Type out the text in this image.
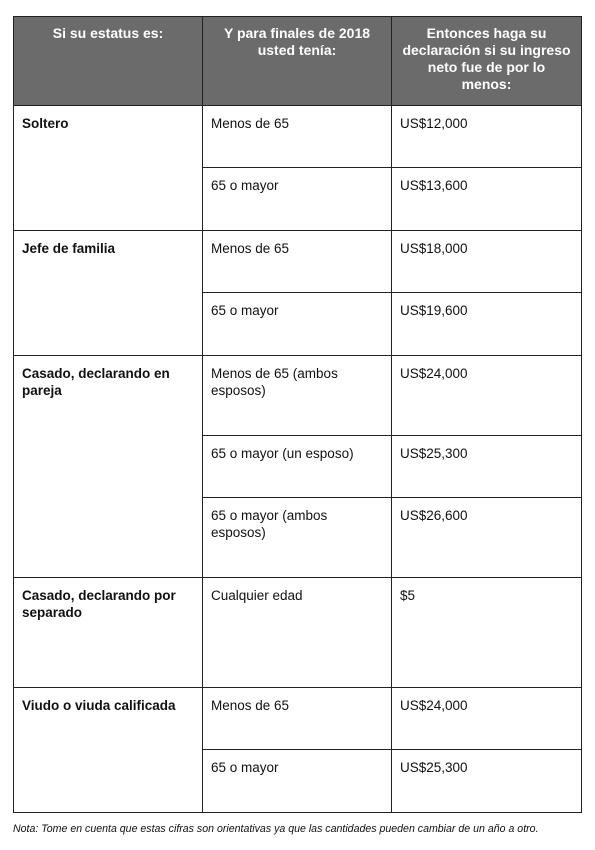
Si su estatus es:	Y para finales de 2018 usted tenía:	Entonces haga su declaración si su ingreso neto fue de por lo menos:
Soltero	Menos de 65	US$12,000
	65 o mayor	US$13,600
Jefe de familia	Menos de 65	US$18,000
	65 o mayor	US$19,600
Casado, declarando en pareja	Menos de 65 (ambos esposos)	US$24,000
	65 o mayor (un esposo)	US$25,300
	65 o mayor (ambos esposos)	US$26,600
Casado, declarando por separado	Cualquier edad	$5
Viudo o viuda calificada	Menos de 65	US$24,000
	65 o mayor	US$25,300
Nota: Tome en cuenta que estas cifras son orientativas ya que las cantidades pueden cambiar de un año a otro.
